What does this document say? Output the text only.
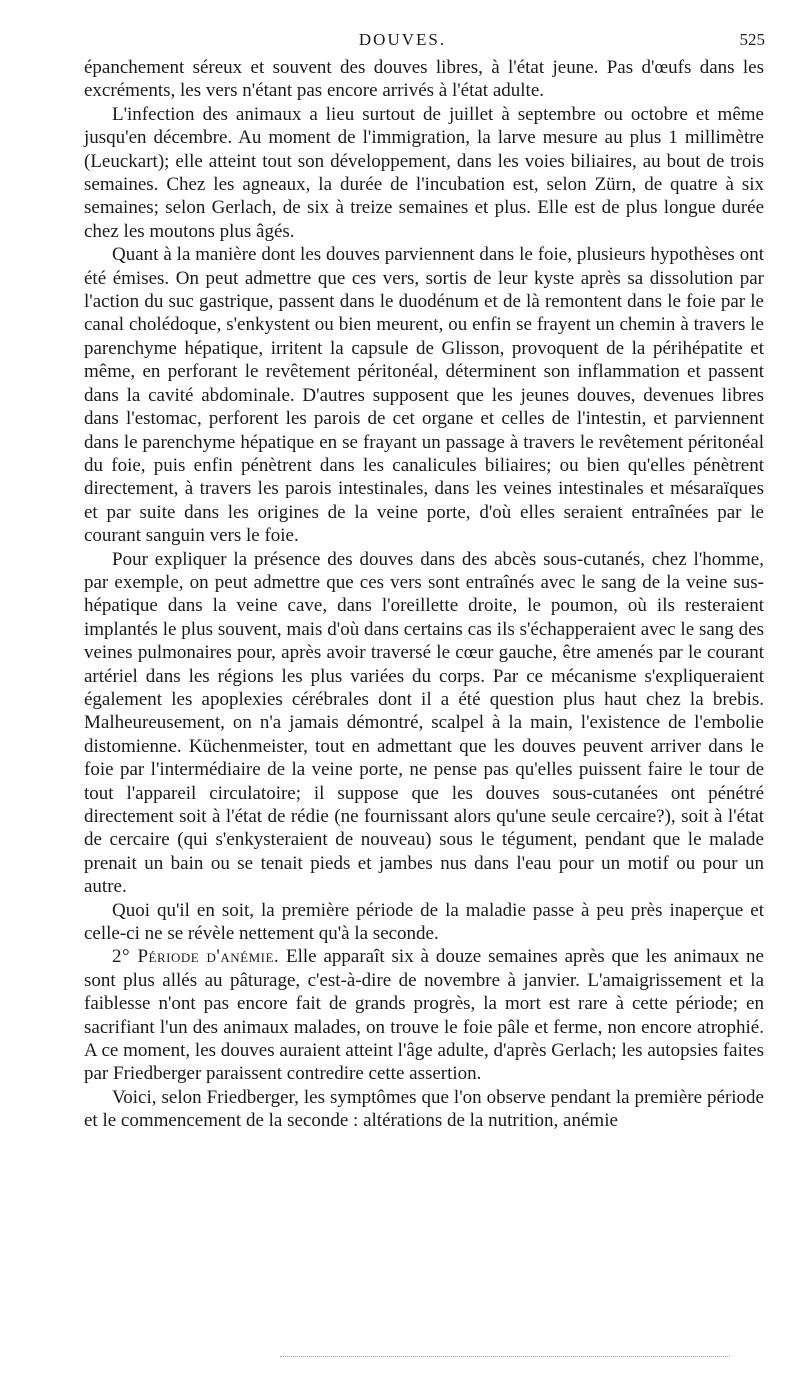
DOUVES.	525

épanchement séreux et souvent des douves libres, à l'état jeune. Pas d'œufs dans les excréments, les vers n'étant pas encore arrivés à l'état adulte.

L'infection des animaux a lieu surtout de juillet à septembre ou octobre et même jusqu'en décembre. Au moment de l'immigration, la larve mesure au plus 1 millimètre (Leuckart); elle atteint tout son développement, dans les voies biliaires, au bout de trois semaines. Chez les agneaux, la durée de l'incubation est, selon Zürn, de quatre à six semaines; selon Gerlach, de six à treize semaines et plus. Elle est de plus longue durée chez les moutons plus âgés.

Quant à la manière dont les douves parviennent dans le foie, plusieurs hypothèses ont été émises. On peut admettre que ces vers, sortis de leur kyste après sa dissolution par l'action du suc gastrique, passent dans le duodénum et de là remontent dans le foie par le canal cholédoque, s'enkystent ou bien meurent, ou enfin se frayent un chemin à travers le parenchyme hépatique, irritent la capsule de Glisson, provoquent de la périhépatite et même, en perforant le revêtement péritonéal, déterminent son inflammation et passent dans la cavité abdominale. D'autres supposent que les jeunes douves, devenues libres dans l'estomac, perforent les parois de cet organe et celles de l'intestin, et parviennent dans le parenchyme hépatique en se frayant un passage à travers le revêtement péritonéal du foie, puis enfin pénètrent dans les canalicules biliaires; ou bien qu'elles pénètrent directement, à travers les parois intestinales, dans les veines intestinales et mésaraïques et par suite dans les origines de la veine porte, d'où elles seraient entraînées par le courant sanguin vers le foie.

Pour expliquer la présence des douves dans des abcès sous-cutanés, chez l'homme, par exemple, on peut admettre que ces vers sont entraînés avec le sang de la veine sus-hépatique dans la veine cave, dans l'oreillette droite, le poumon, où ils resteraient implantés le plus souvent, mais d'où dans certains cas ils s'échapperaient avec le sang des veines pulmonaires pour, après avoir traversé le cœur gauche, être amenés par le courant artériel dans les régions les plus variées du corps. Par ce mécanisme s'expliqueraient également les apoplexies cérébrales dont il a été question plus haut chez la brebis. Malheureusement, on n'a jamais démontré, scalpel à la main, l'existence de l'embolie distomienne. Küchenmeister, tout en admettant que les douves peuvent arriver dans le foie par l'intermédiaire de la veine porte, ne pense pas qu'elles puissent faire le tour de tout l'appareil circulatoire; il suppose que les douves sous-cutanées ont pénétré directement soit à l'état de rédie (ne fournissant alors qu'une seule cercaire?), soit à l'état de cercaire (qui s'enkysteraient de nouveau) sous le tégument, pendant que le malade prenait un bain ou se tenait pieds et jambes nus dans l'eau pour un motif ou pour un autre.

Quoi qu'il en soit, la première période de la maladie passe à peu près inaperçue et celle-ci ne se révèle nettement qu'à la seconde.

2° Période d'anémie. Elle apparaît six à douze semaines après que les animaux ne sont plus allés au pâturage, c'est-à-dire de novembre à janvier. L'amaigrissement et la faiblesse n'ont pas encore fait de grands progrès, la mort est rare à cette période; en sacrifiant l'un des animaux malades, on trouve le foie pâle et ferme, non encore atrophié. A ce moment, les douves auraient atteint l'âge adulte, d'après Gerlach; les autopsies faites par Friedberger paraissent contredire cette assertion.

Voici, selon Friedberger, les symptômes que l'on observe pendant la première période et le commencement de la seconde : altérations de la nutrition, anémie
